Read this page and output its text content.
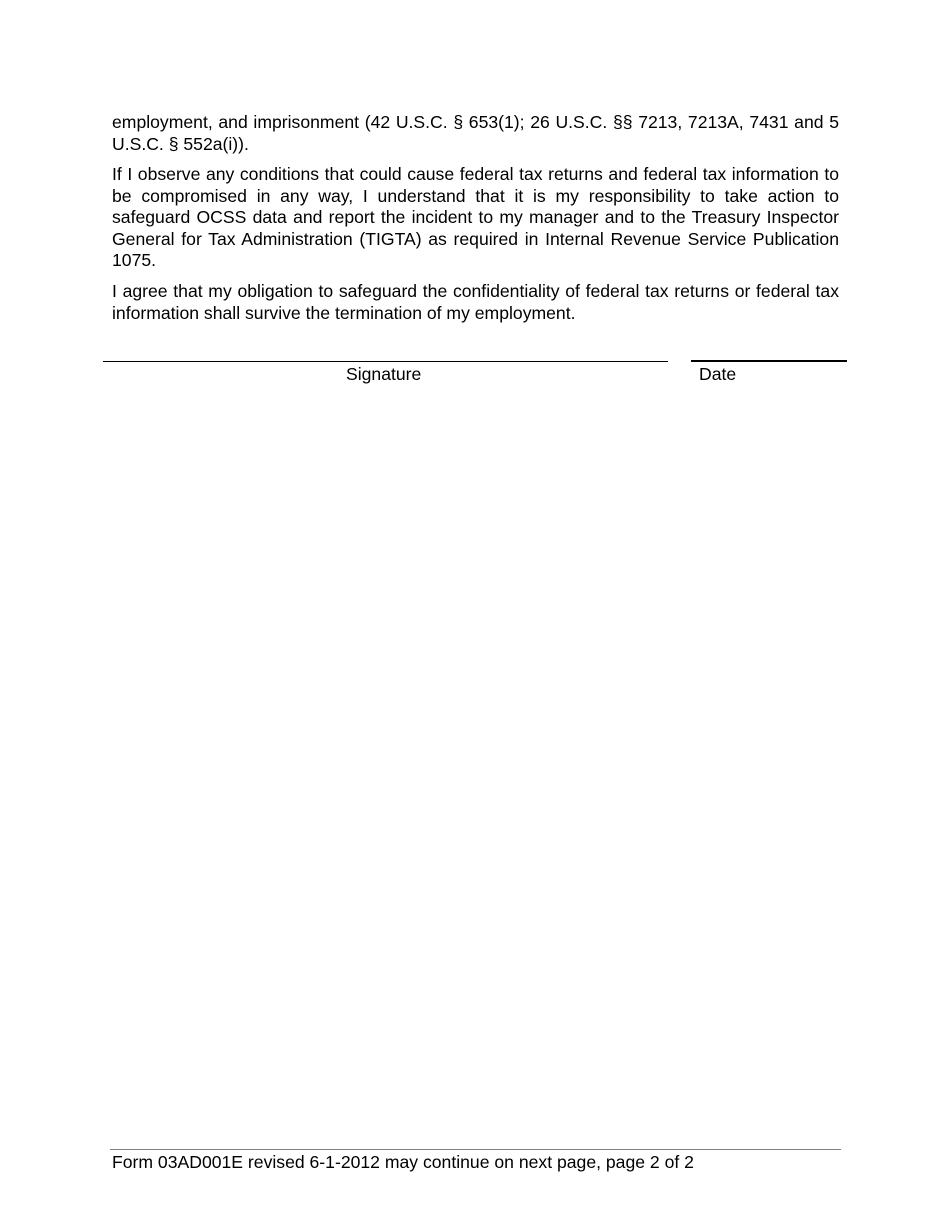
employment, and imprisonment (42 U.S.C. § 653(1); 26 U.S.C. §§ 7213, 7213A, 7431 and 5 U.S.C. § 552a(i)).

If I observe any conditions that could cause federal tax returns and federal tax information to be compromised in any way, I understand that it is my responsibility to take action to safeguard OCSS data and report the incident to my manager and to the Treasury Inspector General for Tax Administration (TIGTA) as required in Internal Revenue Service Publication 1075.

I agree that my obligation to safeguard the confidentiality of federal tax returns or federal tax information shall survive the termination of my employment.

Signature	Date
Form 03AD001E revised 6-1-2012 may continue on next page, page 2 of 2
